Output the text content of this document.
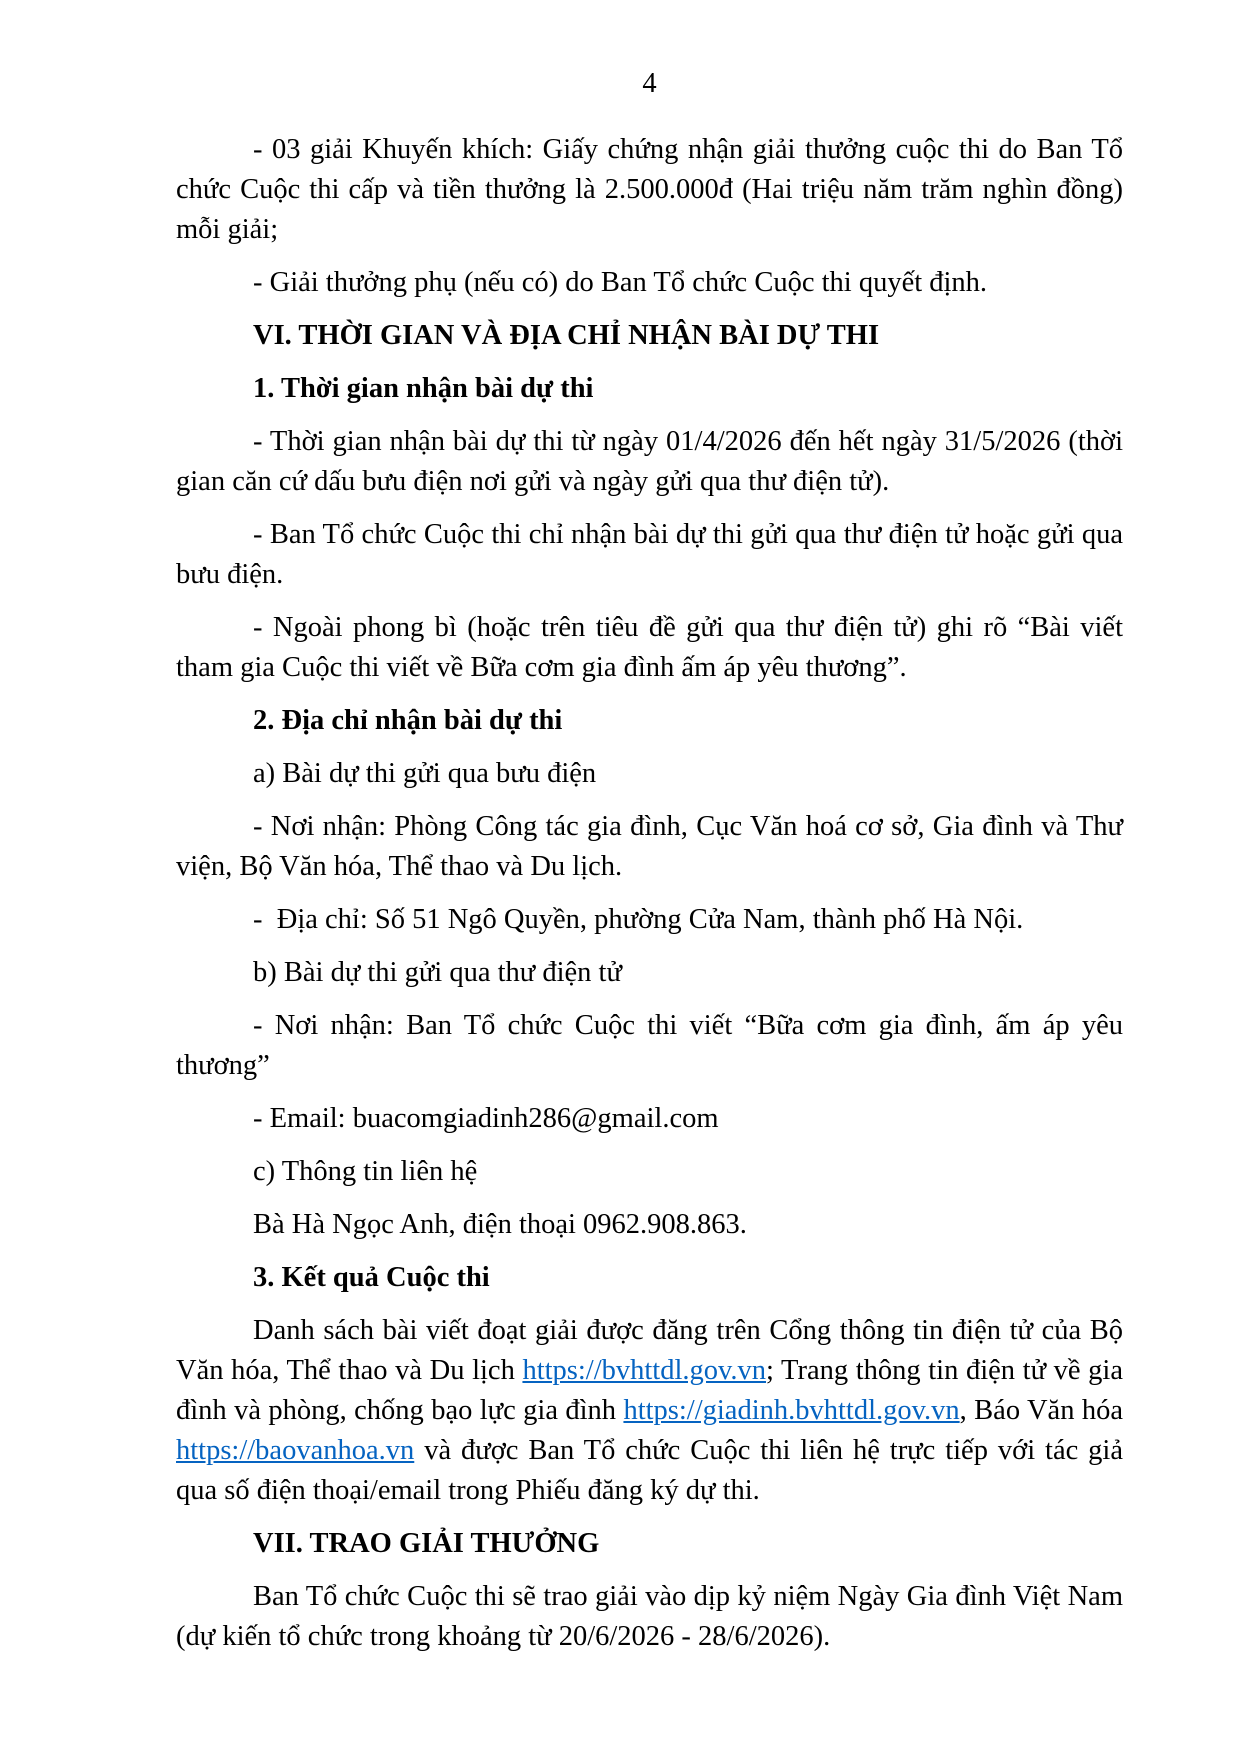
4

- 03 giải Khuyến khích: Giấy chứng nhận giải thưởng cuộc thi do Ban Tổ chức Cuộc thi cấp và tiền thưởng là 2.500.000đ (Hai triệu năm trăm nghìn đồng) mỗi giải;

- Giải thưởng phụ (nếu có) do Ban Tổ chức Cuộc thi quyết định.

VI. THỜI GIAN VÀ ĐỊA CHỈ NHẬN BÀI DỰ THI

1. Thời gian nhận bài dự thi

- Thời gian nhận bài dự thi từ ngày 01/4/2026 đến hết ngày 31/5/2026 (thời gian căn cứ dấu bưu điện nơi gửi và ngày gửi qua thư điện tử).

- Ban Tổ chức Cuộc thi chỉ nhận bài dự thi gửi qua thư điện tử hoặc gửi qua bưu điện.

- Ngoài phong bì (hoặc trên tiêu đề gửi qua thư điện tử) ghi rõ “Bài viết tham gia Cuộc thi viết về Bữa cơm gia đình ấm áp yêu thương”.

2. Địa chỉ nhận bài dự thi

a) Bài dự thi gửi qua bưu điện

- Nơi nhận: Phòng Công tác gia đình, Cục Văn hoá cơ sở, Gia đình và Thư viện, Bộ Văn hóa, Thể thao và Du lịch.

-  Địa chỉ: Số 51 Ngô Quyền, phường Cửa Nam, thành phố Hà Nội.

b) Bài dự thi gửi qua thư điện tử

- Nơi nhận: Ban Tổ chức Cuộc thi viết “Bữa cơm gia đình, ấm áp yêu thương”

- Email: buacomgiadinh286@gmail.com

c) Thông tin liên hệ

Bà Hà Ngọc Anh, điện thoại 0962.908.863.

3. Kết quả Cuộc thi

Danh sách bài viết đoạt giải được đăng trên Cổng thông tin điện tử của Bộ Văn hóa, Thể thao và Du lịch https://bvhttdl.gov.vn; Trang thông tin điện tử về gia đình và phòng, chống bạo lực gia đình https://giadinh.bvhttdl.gov.vn, Báo Văn hóa https://baovanhoa.vn và được Ban Tổ chức Cuộc thi liên hệ trực tiếp với tác giả qua số điện thoại/email trong Phiếu đăng ký dự thi.

VII. TRAO GIẢI THƯỞNG

Ban Tổ chức Cuộc thi sẽ trao giải vào dịp kỷ niệm Ngày Gia đình Việt Nam (dự kiến tổ chức trong khoảng từ 20/6/2026 - 28/6/2026).
